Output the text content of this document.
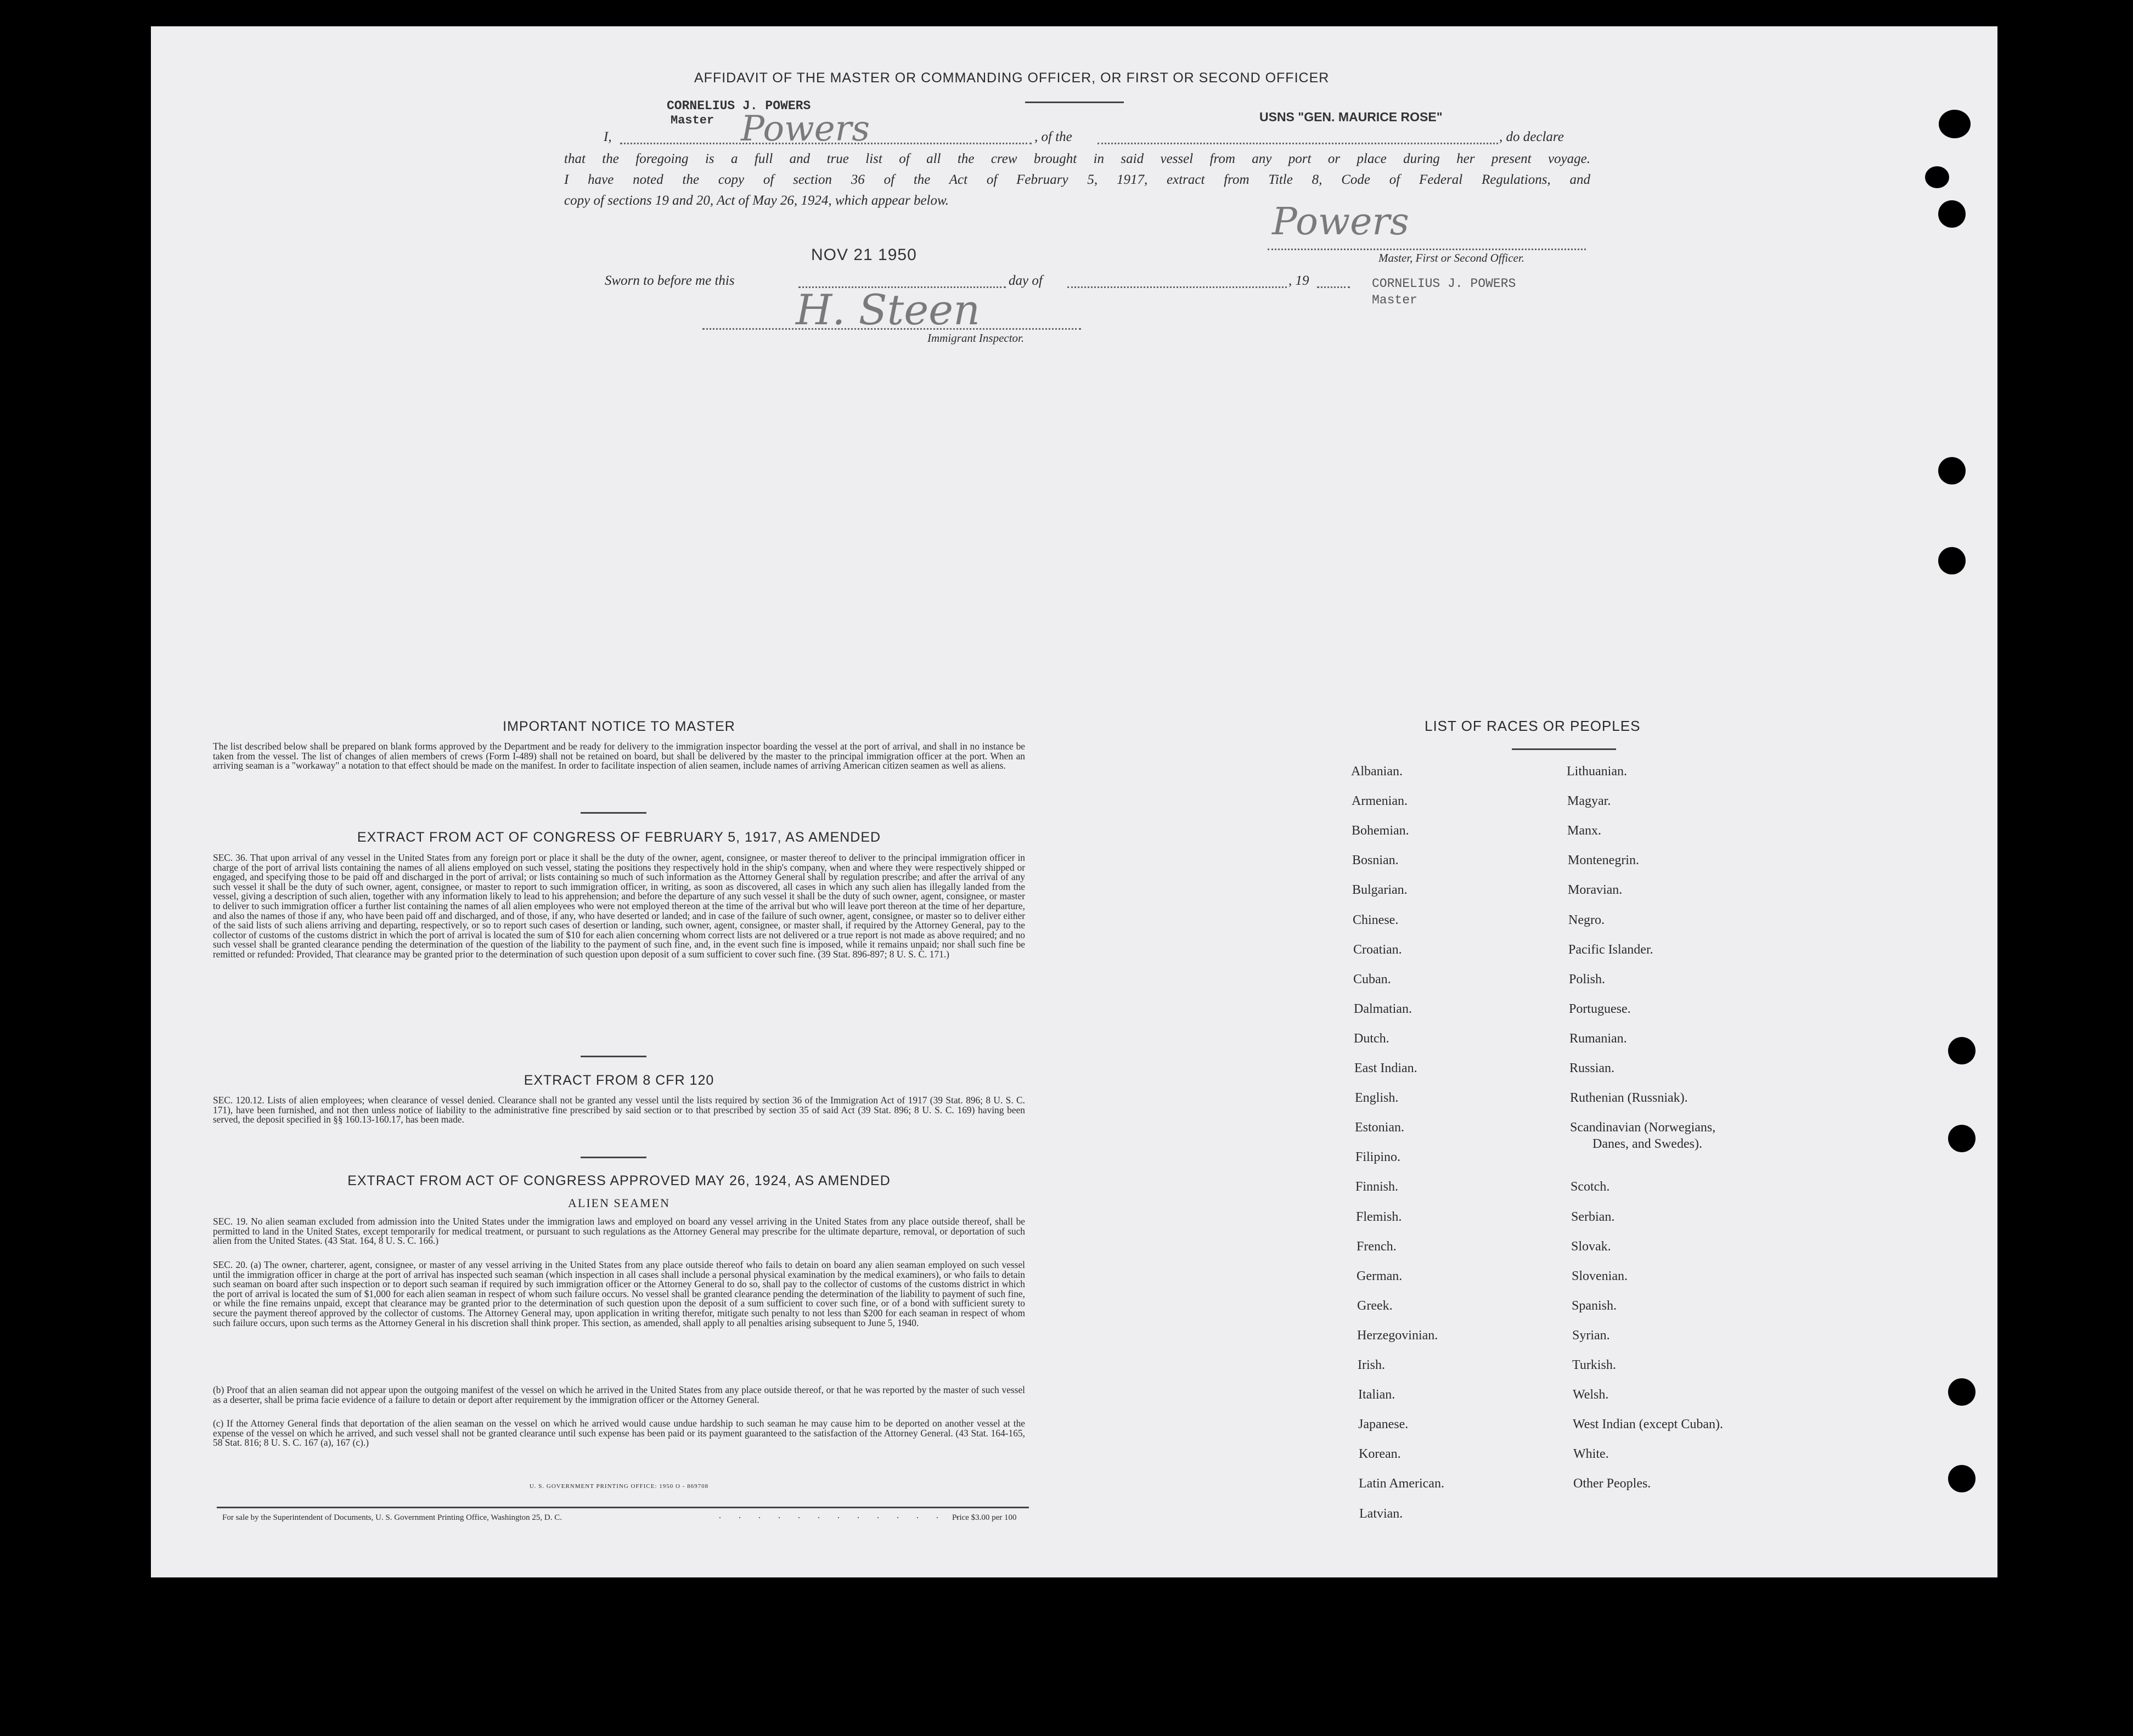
AFFIDAVIT OF THE MASTER OR COMMANDING OFFICER, OR FIRST OR SECOND OFFICER
CORNELIUS J. POWERS
Master	USNS "GEN. MAURICE ROSE"
I,	Powers	, of the	, do declare
that the foregoing is a full and true list of all the crew brought in said vessel from any port or place during her present voyage.
I have noted the copy of section 36 of the Act of February 5, 1917, extract from Title 8, Code of Federal Regulations, and
copy of sections 19 and 20, Act of May 26, 1924, which appear below.	Powers
Master, First or Second Officer.
NOV 21 1950
Sworn to before me this	day of	, 19	CORNELIUS J. POWERS
Master
H. Steen
Immigrant Inspector.
IMPORTANT NOTICE TO MASTER

The list described below shall be prepared on blank forms approved by the Department and be ready for delivery to the immigration inspector boarding the vessel at the port of arrival, and shall in no instance be taken from the vessel. The list of changes of alien members of crews (Form I-489) shall not be retained on board, but shall be delivered by the master to the principal immigration officer at the port. When an arriving seaman is a "workaway" a notation to that effect should be made on the manifest. In order to facilitate inspection of alien seamen, include names of arriving American citizen seamen as well as aliens.

EXTRACT FROM ACT OF CONGRESS OF FEBRUARY 5, 1917, AS AMENDED

SEC. 36. That upon arrival of any vessel in the United States from any foreign port or place it shall be the duty of the owner, agent, consignee, or master thereof to deliver to the principal immigration officer in charge of the port of arrival lists containing the names of all aliens employed on such vessel, stating the positions they respectively hold in the ship's company, when and where they were respectively shipped or engaged, and specifying those to be paid off and discharged in the port of arrival; or lists containing so much of such information as the Attorney General shall by regulation prescribe; and after the arrival of any such vessel it shall be the duty of such owner, agent, consignee, or master to report to such immigration officer, in writing, as soon as discovered, all cases in which any such alien has illegally landed from the vessel, giving a description of such alien, together with any information likely to lead to his apprehension; and before the departure of any such vessel it shall be the duty of such owner, agent, consignee, or master to deliver to such immigration officer a further list containing the names of all alien employees who were not employed thereon at the time of the arrival but who will leave port thereon at the time of her departure, and also the names of those if any, who have been paid off and discharged, and of those, if any, who have deserted or landed; and in case of the failure of such owner, agent, consignee, or master so to deliver either of the said lists of such aliens arriving and departing, respectively, or so to report such cases of desertion or landing, such owner, agent, consignee, or master shall, if required by the Attorney General, pay to the collector of customs of the customs district in which the port of arrival is located the sum of $10 for each alien concerning whom correct lists are not delivered or a true report is not made as above required; and no such vessel shall be granted clearance pending the determination of the question of the liability to the payment of such fine, and, in the event such fine is imposed, while it remains unpaid; nor shall such fine be remitted or refunded: Provided, That clearance may be granted prior to the determination of such question upon deposit of a sum sufficient to cover such fine. (39 Stat. 896-897; 8 U. S. C. 171.)

EXTRACT FROM 8 CFR 120

SEC. 120.12. Lists of alien employees; when clearance of vessel denied. Clearance shall not be granted any vessel until the lists required by section 36 of the Immigration Act of 1917 (39 Stat. 896; 8 U. S. C. 171), have been furnished, and not then unless notice of liability to the administrative fine prescribed by said section or to that prescribed by section 35 of said Act (39 Stat. 896; 8 U. S. C. 169) having been served, the deposit specified in §§ 160.13-160.17, has been made.

EXTRACT FROM ACT OF CONGRESS APPROVED MAY 26, 1924, AS AMENDED
ALIEN SEAMEN

SEC. 19. No alien seaman excluded from admission into the United States under the immigration laws and employed on board any vessel arriving in the United States from any place outside thereof, shall be permitted to land in the United States, except temporarily for medical treatment, or pursuant to such regulations as the Attorney General may prescribe for the ultimate departure, removal, or deportation of such alien from the United States. (43 Stat. 164, 8 U. S. C. 166.)

SEC. 20. (a) The owner, charterer, agent, consignee, or master of any vessel arriving in the United States from any place outside thereof who fails to detain on board any alien seaman employed on such vessel until the immigration officer in charge at the port of arrival has inspected such seaman (which inspection in all cases shall include a personal physical examination by the medical examiners), or who fails to detain such seaman on board after such inspection or to deport such seaman if required by such immigration officer or the Attorney General to do so, shall pay to the collector of customs of the customs district in which the port of arrival is located the sum of $1,000 for each alien seaman in respect of whom such failure occurs. No vessel shall be granted clearance pending the determination of the liability to payment of such fine, or while the fine remains unpaid, except that clearance may be granted prior to the determination of such question upon the deposit of a sum sufficient to cover such fine, or of a bond with sufficient surety to secure the payment thereof approved by the collector of customs. The Attorney General may, upon application in writing therefor, mitigate such penalty to not less than $200 for each seaman in respect of whom such failure occurs, upon such terms as the Attorney General in his discretion shall think proper. This section, as amended, shall apply to all penalties arising subsequent to June 5, 1940.

(b) Proof that an alien seaman did not appear upon the outgoing manifest of the vessel on which he arrived in the United States from any place outside thereof, or that he was reported by the master of such vessel as a deserter, shall be prima facie evidence of a failure to detain or deport after requirement by the immigration officer or the Attorney General.

(c) If the Attorney General finds that deportation of the alien seaman on the vessel on which he arrived would cause undue hardship to such seaman he may cause him to be deported on another vessel at the expense of the vessel on which he arrived, and such vessel shall not be granted clearance until such expense has been paid or its payment guaranteed to the satisfaction of the Attorney General. (43 Stat. 164-165, 58 Stat. 816; 8 U. S. C. 167 (a), 167 (c).)

U. S. GOVERNMENT PRINTING OFFICE: 1950 O - 869708
For sale by the Superintendent of Documents, U. S. Government Printing Office, Washington 25, D. C.	. . . . . . . . . . . . .
Price $3.00 per 100
LIST OF RACES OR PEOPLES
Albanian.
Armenian.
Bohemian.
Bosnian.
Bulgarian.
Chinese.
Croatian.
Cuban.
Dalmatian.
Dutch.
East Indian.
English.
Estonian.
Filipino.
Finnish.
Flemish.
French.
German.
Greek.
Herzegovinian.
Irish.
Italian.
Japanese.
Korean.
Latin American.
Latvian.
Lithuanian.
Magyar.
Manx.
Montenegrin.
Moravian.
Negro.
Pacific Islander.
Polish.
Portuguese.
Rumanian.
Russian.
Ruthenian (Russniak).
Scandinavian (Norwegians,
Danes, and Swedes).
Scotch.
Serbian.
Slovak.
Slovenian.
Spanish.
Syrian.
Turkish.
Welsh.
West Indian (except Cuban).
White.
Other Peoples.
